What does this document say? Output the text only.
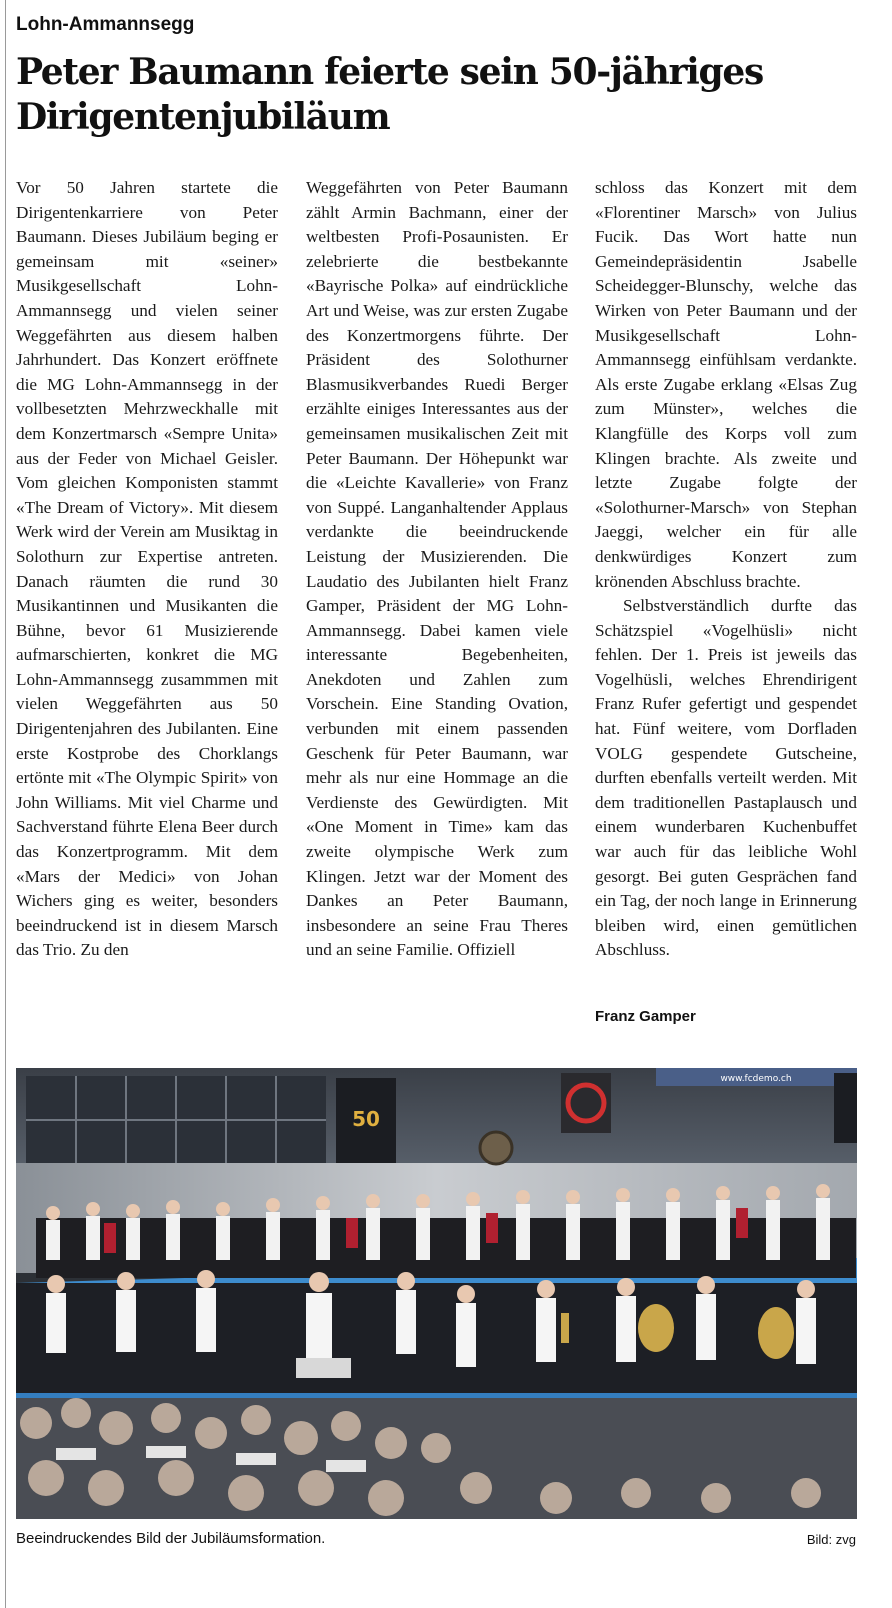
Lohn-Ammannsegg
Peter Baumann feierte sein 50-jähriges Dirigentenjubiläum

Vor 50 Jahren startete die Dirigentenkarriere von Peter Baumann. Dieses Jubiläum beging er gemeinsam mit «seiner» Musikgesellschaft Lohn-Ammannsegg und vielen seiner Weggefährten aus diesem halben Jahrhundert. Das Konzert eröffnete die MG Lohn-Ammannsegg in der vollbesetzten Mehrzweckhalle mit dem Konzertmarsch «Sempre Unita» aus der Feder von Michael Geisler. Vom gleichen Komponisten stammt «The Dream of Victory». Mit diesem Werk wird der Verein am Musiktag in Solothurn zur Expertise antreten. Danach räumten die rund 30 Musikantinnen und Musikanten die Bühne, bevor 61 Musizierende aufmarschierten, konkret die MG Lohn-Ammannsegg zusammmen mit vielen Weggefährten aus 50 Dirigentenjahren des Jubilanten. Eine erste Kostprobe des Chorklangs ertönte mit «The Olympic Spirit» von John Williams. Mit viel Charme und Sachverstand führte Elena Beer durch das Konzertprogramm. Mit dem «Mars der Medici» von Johan Wichers ging es weiter, besonders beeindruckend ist in diesem Marsch das Trio. Zu den

Weggefährten von Peter Baumann zählt Armin Bachmann, einer der weltbesten Profi-Posaunisten. Er zelebrierte die bestbekannte «Bayrische Polka» auf eindrückliche Art und Weise, was zur ersten Zugabe des Konzertmorgens führte. Der Präsident des Solothurner Blasmusikverbandes Ruedi Berger erzählte einiges Interessantes aus der gemeinsamen musikalischen Zeit mit Peter Baumann. Der Höhepunkt war die «Leichte Kavallerie» von Franz von Suppé. Langanhaltender Applaus verdankte die beeindruckende Leistung der Musizierenden. Die Laudatio des Jubilanten hielt Franz Gamper, Präsident der MG Lohn-Ammannsegg. Dabei kamen viele interessante Begebenheiten, Anekdoten und Zahlen zum Vorschein. Eine Standing Ovation, verbunden mit einem passenden Geschenk für Peter Baumann, war mehr als nur eine Hommage an die Verdienste des Gewürdigten. Mit «One Moment in Time» kam das zweite olympische Werk zum Klingen. Jetzt war der Moment des Dankes an Peter Baumann, insbesondere an seine Frau Theres und an seine Familie. Offiziell

schloss das Konzert mit dem «Florentiner Marsch» von Julius Fucik. Das Wort hatte nun Gemeindepräsidentin Jsabelle Scheidegger-Blunschy, welche das Wirken von Peter Baumann und der Musikgesellschaft Lohn-Ammannsegg einfühlsam verdankte. Als erste Zugabe erklang «Elsas Zug zum Münster», welches die Klangfülle des Korps voll zum Klingen brachte. Als zweite und letzte Zugabe folgte der «Solothurner-Marsch» von Stephan Jaeggi, welcher ein für alle denkwürdiges Konzert zum krönenden Abschluss brachte.

Selbstverständlich durfte das Schätzspiel «Vogelhüsli» nicht fehlen. Der 1. Preis ist jeweils das Vogelhüsli, welches Ehrendirigent Franz Rufer gefertigt und gespendet hat. Fünf weitere, vom Dorfladen VOLG gespendete Gutscheine, durften ebenfalls verteilt werden. Mit dem traditionellen Pastaplausch und einem wunderbaren Kuchenbuffet war auch für das leibliche Wohl gesorgt. Bei guten Gesprächen fand ein Tag, der noch lange in Erinnerung bleiben wird, einen gemütlichen Abschluss.

Franz Gamper
50
www.fcdemo.ch
Beeindruckendes Bild der Jubiläumsformation.	Bild: zvg
